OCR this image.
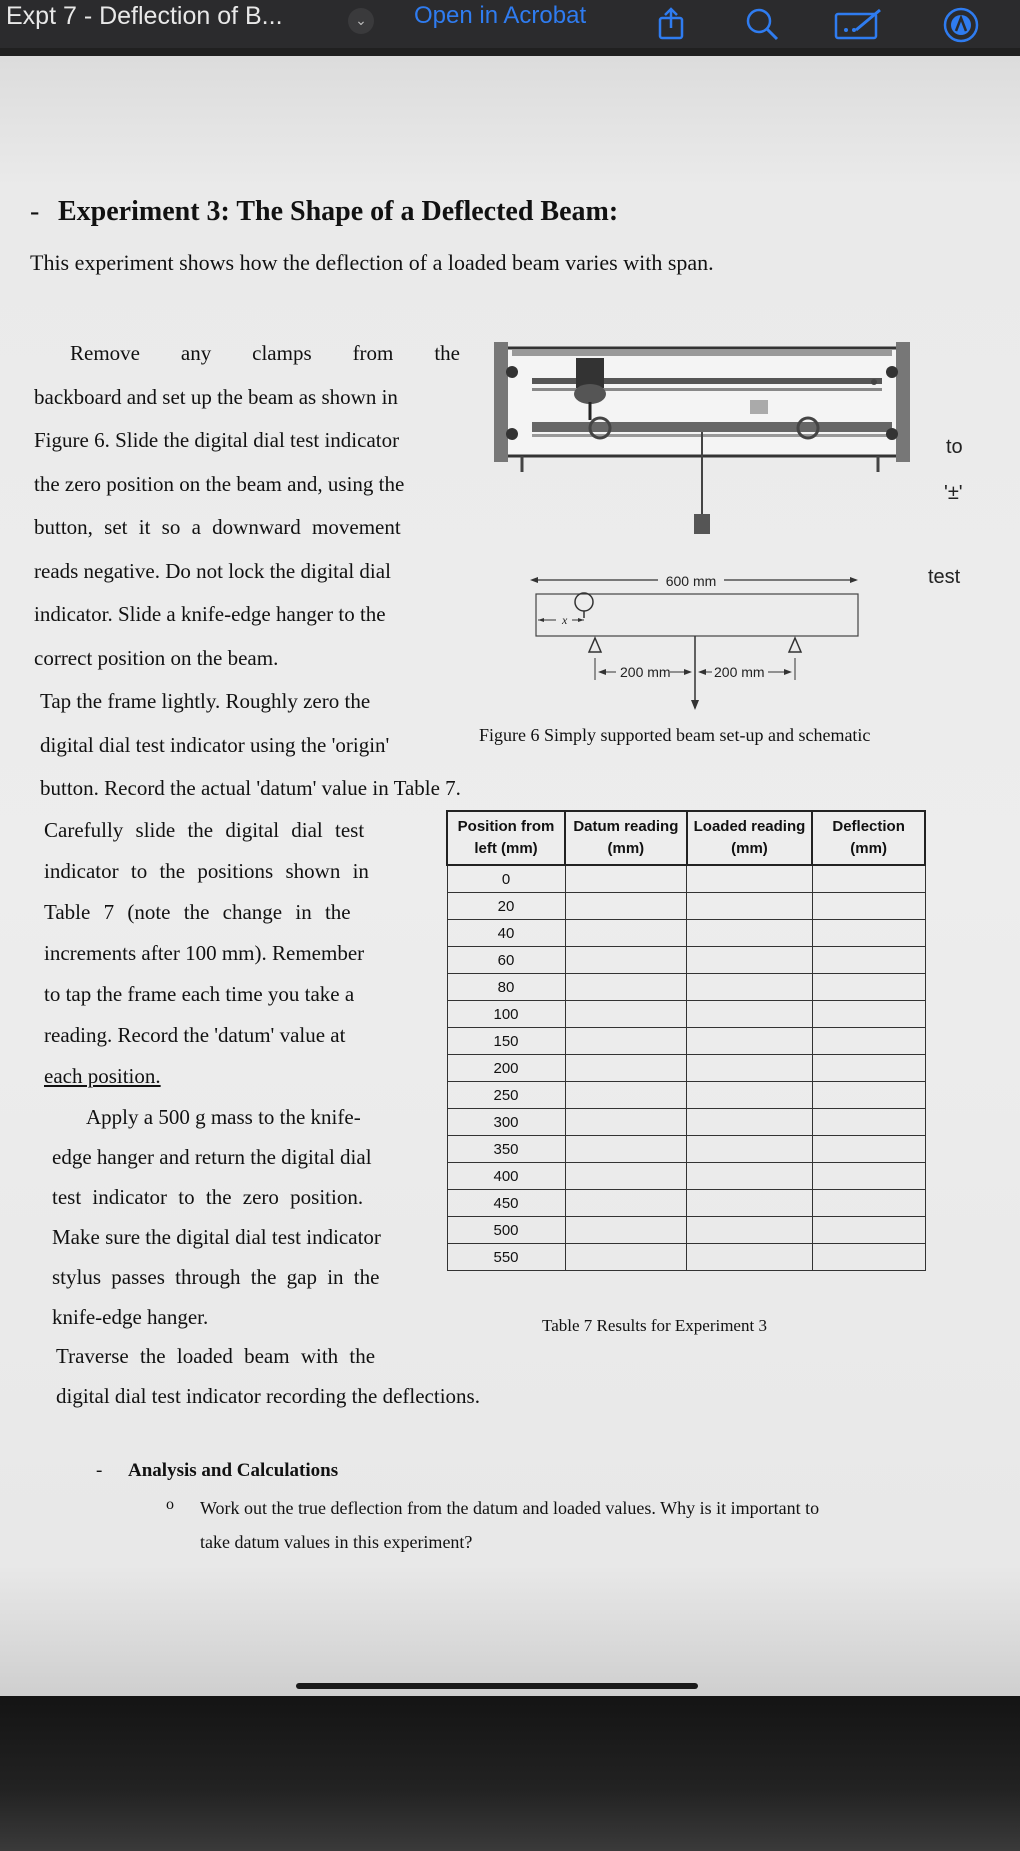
Expt 7 - Deflection of B...	⌄ Open in Acrobat
- Experiment 3: The Shape of a Deflected Beam:
This experiment shows how the deflection of a loaded beam varies with span.
Remove any clamps from the
backboard and set up the beam as shown in
Figure 6. Slide the digital dial test indicator
the zero position on the beam and, using the
button, set it so a downward movement
reads negative. Do not lock the digital dial
indicator. Slide a knife-edge hanger to the
correct position on the beam.
Tap the frame lightly. Roughly zero the
digital dial test indicator using the 'origin'
button. Record the actual 'datum' value in Table 7.
Carefully slide the digital dial test
indicator to the positions shown in
Table 7 (note the change in the
increments after 100 mm). Remember
to tap the frame each time you take a
reading. Record the 'datum' value at
each position.
Apply a 500 g mass to the knife-
edge hanger and return the digital dial
test indicator to the zero position.
Make sure the digital dial test indicator
stylus passes through the gap in the
knife-edge hanger.
Traverse the loaded beam with the
digital dial test indicator recording the deflections.
to
'±'
test
600 mm
x
200 mm	200 mm
Figure 6 Simply supported beam set-up and schematic
Position from left (mm)	Datum reading (mm)	Loaded reading (mm)	Deflection (mm)
0			
20			
40			
60			
80			
100			
150			
200			
250			
300			
350			
400			
450			
500			
550			
Table 7 Results for Experiment 3
- Analysis and Calculations
o Work out the true deflection from the datum and loaded values. Why is it important to
take datum values in this experiment?
